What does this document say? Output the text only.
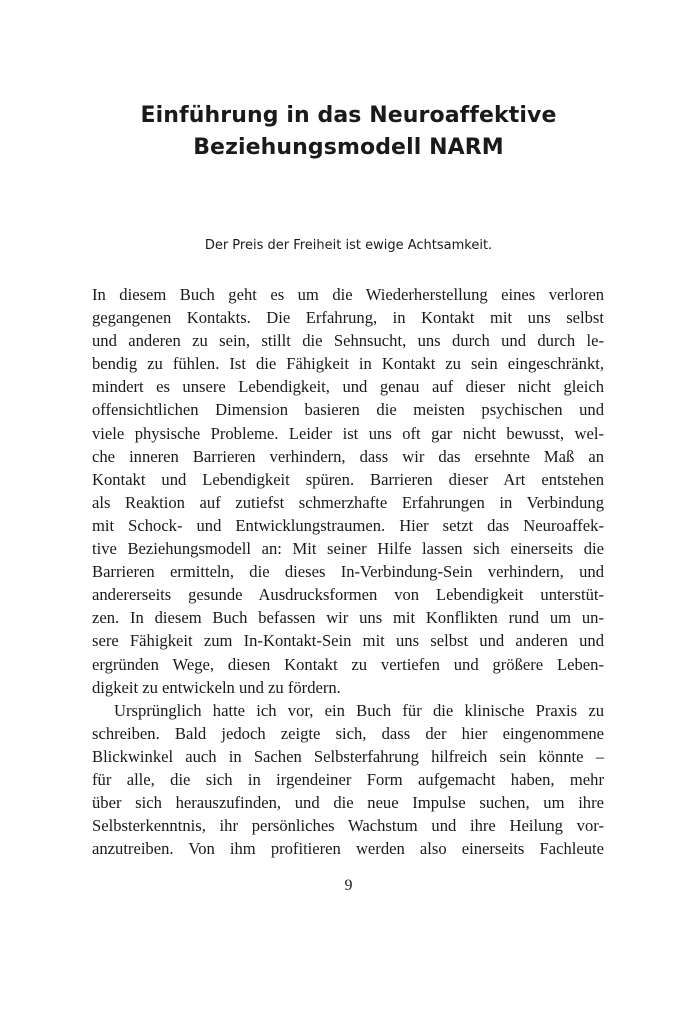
Einführung in das Neuroaffektive
Beziehungsmodell NARM

Der Preis der Freiheit ist ewige Achtsamkeit.

In diesem Buch geht es um die Wiederherstellung eines verloren
gegangenen Kontakts. Die Erfahrung, in Kontakt mit uns selbst
und anderen zu sein, stillt die Sehnsucht, uns durch und durch le-
bendig zu fühlen. Ist die Fähigkeit in Kontakt zu sein eingeschränkt,
mindert es unsere Lebendigkeit, und genau auf dieser nicht gleich
offensichtlichen Dimension basieren die meisten psychischen und
viele physische Probleme. Leider ist uns oft gar nicht bewusst, wel-
che inneren Barrieren verhindern, dass wir das ersehnte Maß an
Kontakt und Lebendigkeit spüren. Barrieren dieser Art entstehen
als Reaktion auf zutiefst schmerzhafte Erfahrungen in Verbindung
mit Schock- und Entwicklungstraumen. Hier setzt das Neuroaffek-
tive Beziehungsmodell an: Mit seiner Hilfe lassen sich einerseits die
Barrieren ermitteln, die dieses In-Verbindung-Sein verhindern, und
andererseits gesunde Ausdrucksformen von Lebendigkeit unterstüt-
zen. In diesem Buch befassen wir uns mit Konflikten rund um un-
sere Fähigkeit zum In-Kontakt-Sein mit uns selbst und anderen und
ergründen Wege, diesen Kontakt zu vertiefen und größere Leben-
digkeit zu entwickeln und zu fördern.
Ursprünglich hatte ich vor, ein Buch für die klinische Praxis zu
schreiben. Bald jedoch zeigte sich, dass der hier eingenommene
Blickwinkel auch in Sachen Selbsterfahrung hilfreich sein könnte –
für alle, die sich in irgendeiner Form aufgemacht haben, mehr
über sich herauszufinden, und die neue Impulse suchen, um ihre
Selbsterkenntnis, ihr persönliches Wachstum und ihre Heilung vor-
anzutreiben. Von ihm profitieren werden also einerseits Fachleute
9
